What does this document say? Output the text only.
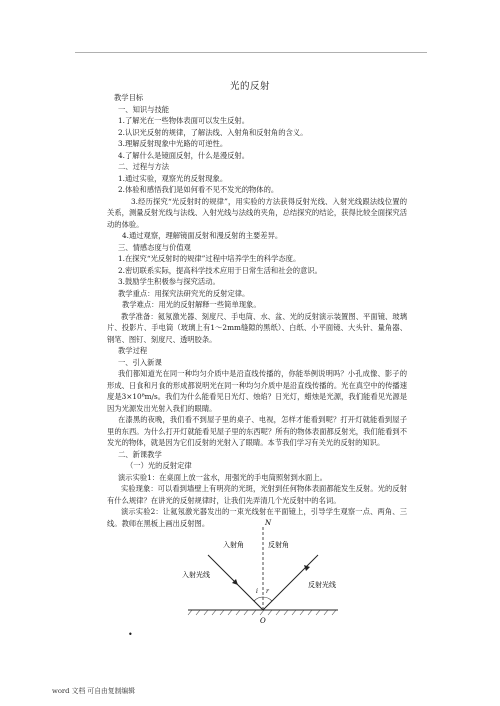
光的反射

教学目标

一、知识与技能

1.了解光在一些物体表面可以发生反射。

2.认识光反射的规律，了解法线、入射角和反射角的含义。

3.理解反射现象中光路的可逆性。

4.了解什么是镜面反射，什么是漫反射。

二、过程与方法

1.通过实验，观察光的反射现象。

2.体验和感悟我们是如何看不见不发光的物体的。

3.经历探究“光反射时的规律”，用实验的方法获得反射光线、入射光线跟法线位置的关系，测量反射光线与法线、入射光线与法线的夹角，总结探究的结论，获得比较全面探究活动的体验。

4.通过观察，理解镜面反射和漫反射的主要差异。

三、情感态度与价值观

1.在探究“光反射时的规律”过程中培养学生的科学态度。

2.密切联系实际，提高科学技术应用于日常生活和社会的意识。

3.鼓励学生积极参与探究活动。

教学重点：用探究法研究光的反射定律。

教学难点：用光的反射解释一些简单现象。

教学准备：氦氖激光器、刻度尺、手电筒、水、盆、光的反射演示装置图、平面镜、玻璃片、投影片、手电筒（玻璃上有1～2mm缝隙的黑纸）、白纸、小平面镜、大头针、量角器、钢笔、图钉、刻度尺、透明胶条。

教学过程

一、引入新课

我们都知道光在同一种均匀介质中是沿直线传播的，你能举例说明吗？小孔成像、影子的形成、日食和月食的形成都说明光在同一种均匀介质中是沿直线传播的。光在真空中的传播速度是3×10⁸m/s。我们为什么能看见日光灯、烛焰？日光灯，蜡烛是光源，我们能看见光源是因为光源发出光射入我们的眼睛。

在漆黑的夜晚，我们看不到屋子里的桌子、电视，怎样才能看到呢？打开灯就能看到屋子里的东西。为什么打开灯就能看见屋子里的东西呢？所有的物体表面都反射光，我们能看到不发光的物体，就是因为它们反射的光射入了眼睛。本节我们学习有关光的反射的知识。

二、新课教学

（一）光的反射定律

演示实验1：在桌面上放一盆水，用强光的手电筒照射到水面上。

实验现象：可以看到墙壁上有明亮的光斑，光射到任何物体表面都能发生反射。光的反射有什么规律？在讲光的反射规律时，让我们先弄清几个光反射中的名词。

演示实验2：让氦氖激光器发出的一束光线射在平面镜上，引导学生观察一点、两角、三线。教师在黑板上画出反射图。	N
入射角	反射角
入射光线
反射光线
i r
O
•
word 文档 可自由复制编辑
